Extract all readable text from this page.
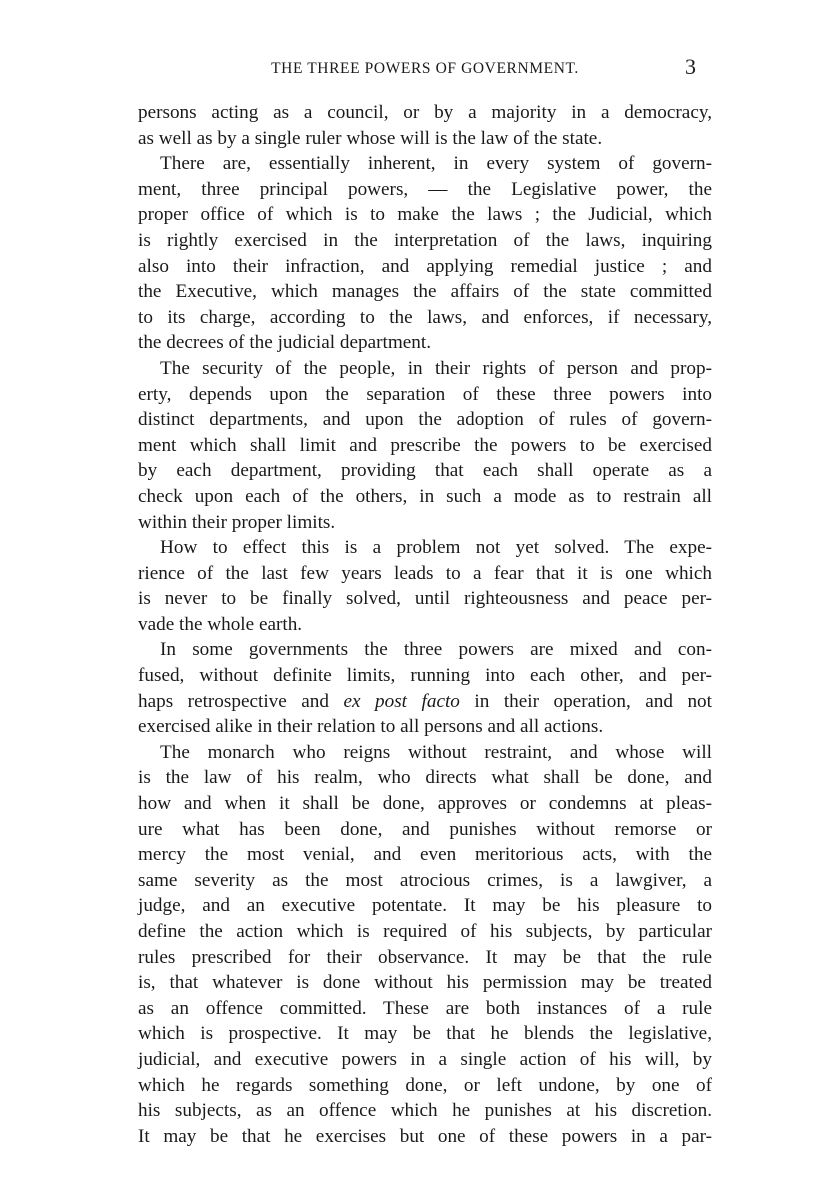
THE THREE POWERS OF GOVERNMENT.	3
persons acting as a council, or by a majority in a democracy,
as well as by a single ruler whose will is the law of the state.
There are, essentially inherent, in every system of govern-
ment, three principal powers, — the Legislative power, the
proper office of which is to make the laws ; the Judicial, which
is rightly exercised in the interpretation of the laws, inquiring
also into their infraction, and applying remedial justice ; and
the Executive, which manages the affairs of the state committed
to its charge, according to the laws, and enforces, if necessary,
the decrees of the judicial department.
The security of the people, in their rights of person and prop-
erty, depends upon the separation of these three powers into
distinct departments, and upon the adoption of rules of govern-
ment which shall limit and prescribe the powers to be exercised
by each department, providing that each shall operate as a
check upon each of the others, in such a mode as to restrain all
within their proper limits.
How to effect this is a problem not yet solved. The expe-
rience of the last few years leads to a fear that it is one which
is never to be finally solved, until righteousness and peace per-
vade the whole earth.
In some governments the three powers are mixed and con-
fused, without definite limits, running into each other, and per-
haps retrospective and ex post facto in their operation, and not
exercised alike in their relation to all persons and all actions.
The monarch who reigns without restraint, and whose will
is the law of his realm, who directs what shall be done, and
how and when it shall be done, approves or condemns at pleas-
ure what has been done, and punishes without remorse or
mercy the most venial, and even meritorious acts, with the
same severity as the most atrocious crimes, is a lawgiver, a
judge, and an executive potentate. It may be his pleasure to
define the action which is required of his subjects, by particular
rules prescribed for their observance. It may be that the rule
is, that whatever is done without his permission may be treated
as an offence committed. These are both instances of a rule
which is prospective. It may be that he blends the legislative,
judicial, and executive powers in a single action of his will, by
which he regards something done, or left undone, by one of
his subjects, as an offence which he punishes at his discretion.
It may be that he exercises but one of these powers in a par-
